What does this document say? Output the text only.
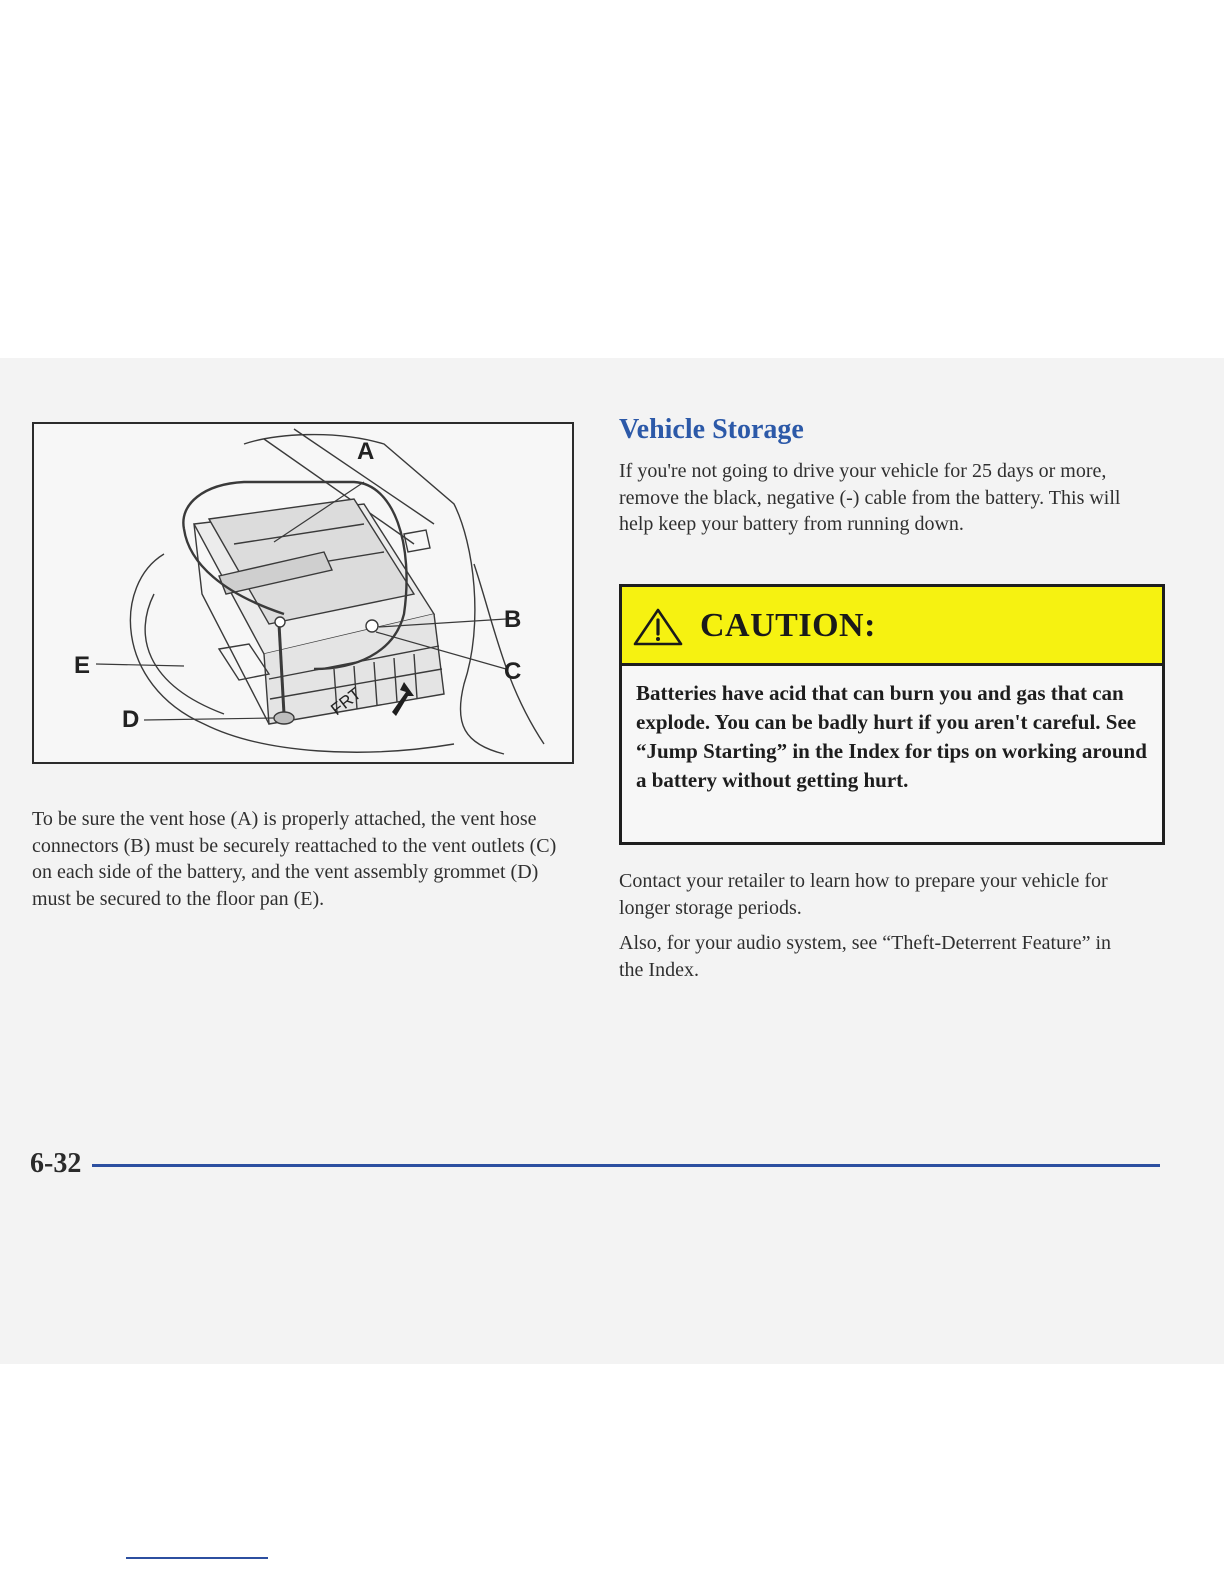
A
B
C
D
E
FRT
To be sure the vent hose (A) is properly attached, the vent hose connectors (B) must be securely reattached to the vent outlets (C) on each side of the battery, and the vent assembly grommet (D) must be secured to the floor pan (E).
Vehicle Storage
If you're not going to drive your vehicle for 25 days or more, remove the black, negative (-) cable from the battery. This will help keep your battery from running down.
CAUTION:
Batteries have acid that can burn you and gas that can explode. You can be badly hurt if you aren't careful. See “Jump Starting” in the Index for tips on working around a battery without getting hurt.
Contact your retailer to learn how to prepare your vehicle for longer storage periods.
Also, for your audio system, see “Theft-Deterrent Feature” in the Index.
6-32
